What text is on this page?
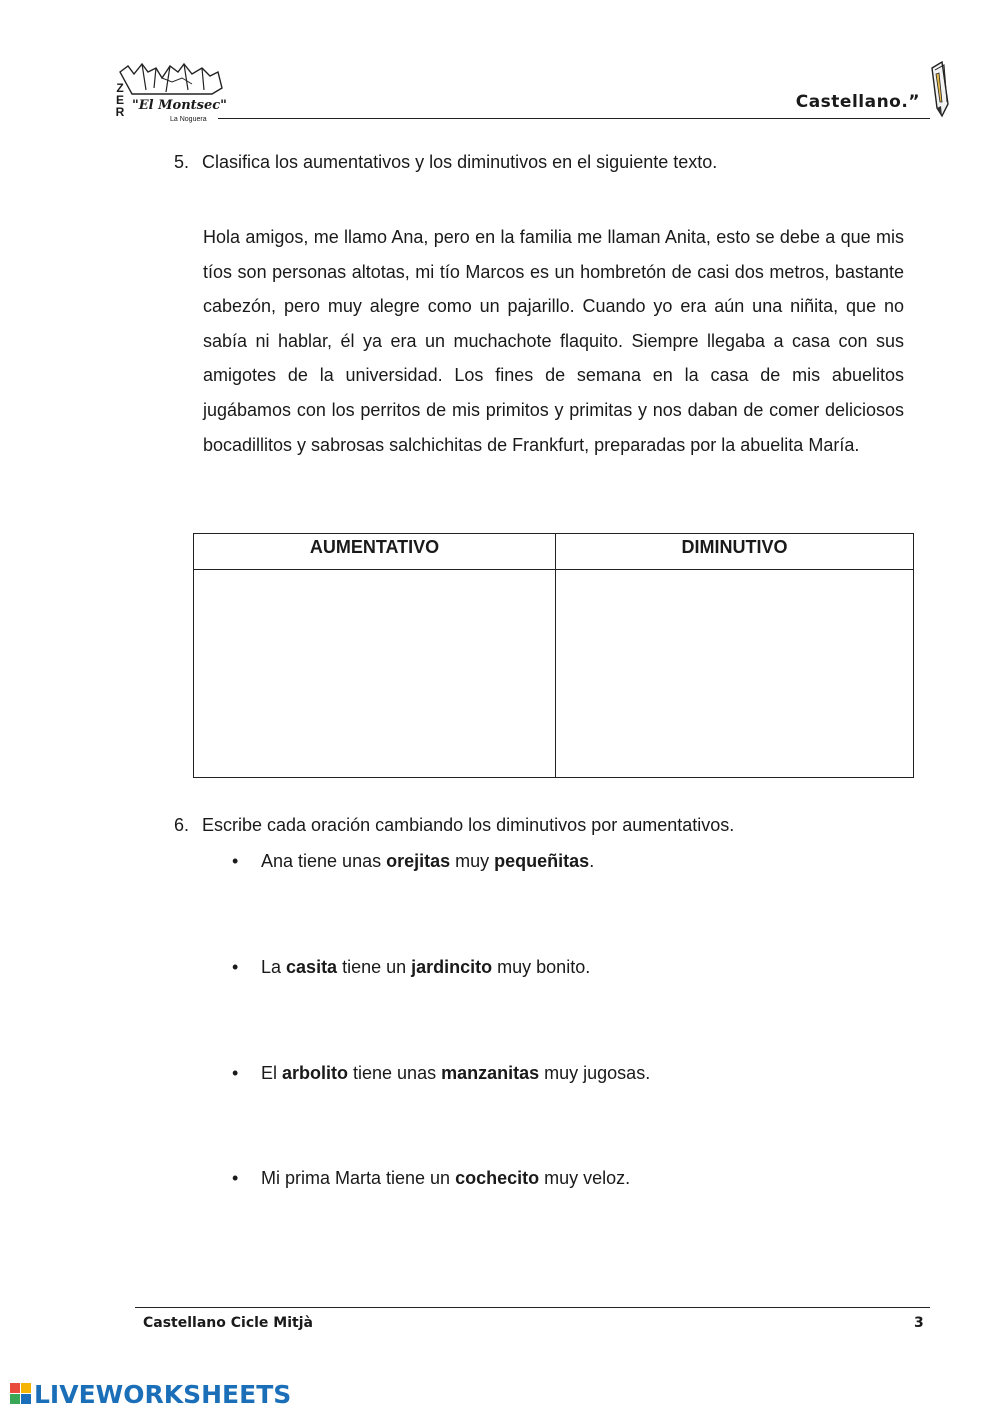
Z
E
R "El Montsec"
La Noguera
Castellano.”
5. Clasifica los aumentativos y los diminutivos en el siguiente texto.
Hola amigos, me llamo Ana, pero en la familia me llaman Anita, esto se debe a que mis tíos son personas altotas, mi tío Marcos es un hombretón de casi dos metros, bastante cabezón, pero muy alegre como un pajarillo. Cuando yo era aún una niñita, que no sabía ni hablar, él ya era un muchachote flaquito. Siempre llegaba a casa con sus amigotes de la universidad. Los fines de semana en la casa de mis abuelitos jugábamos con los perritos de mis primitos y primitas y nos daban de comer deliciosos bocadillitos y sabrosas salchichitas de Frankfurt, preparadas por la abuelita María.
AUMENTATIVO	DIMINUTIVO
6. Escribe cada oración cambiando los diminutivos por aumentativos.
• Ana tiene unas orejitas muy pequeñitas.
• La casita tiene un jardincito muy bonito.
• El arbolito tiene unas manzanitas muy jugosas.
• Mi prima Marta tiene un cochecito muy veloz.
Castellano Cicle Mitjà	3
LIVEWORKSHEETS
